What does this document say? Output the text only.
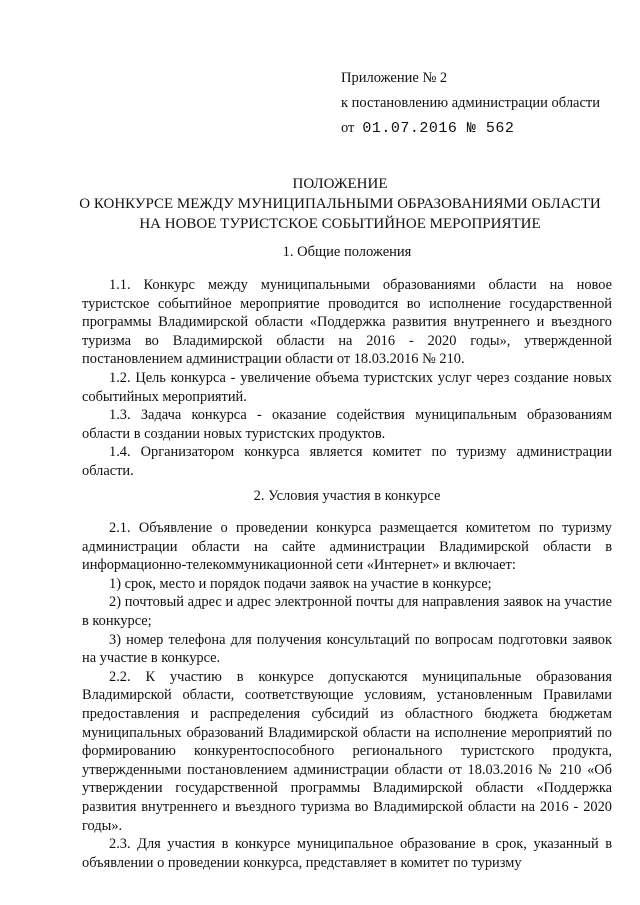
Приложение № 2
к постановлению администрации области
от 01.07.2016 № 562
ПОЛОЖЕНИЕ
О КОНКУРСЕ МЕЖДУ МУНИЦИПАЛЬНЫМИ ОБРАЗОВАНИЯМИ ОБЛАСТИ
НА НОВОЕ ТУРИСТСКОЕ СОБЫТИЙНОЕ МЕРОПРИЯТИЕ
1. Общие положения

1.1. Конкурс между муниципальными образованиями области на новое туристское событийное мероприятие проводится во исполнение государственной программы Владимирской области «Поддержка развития внутреннего и въездного туризма во Владимирской области на 2016 - 2020 годы», утвержденной постановлением администрации области от 18.03.2016 № 210.

1.2. Цель конкурса - увеличение объема туристских услуг через создание новых событийных мероприятий.

1.3. Задача конкурса - оказание содействия муниципальным образованиям области в создании новых туристских продуктов.

1.4. Организатором конкурса является комитет по туризму администрации области.

2. Условия участия в конкурсе

2.1. Объявление о проведении конкурса размещается комитетом по туризму администрации области на сайте администрации Владимирской области в информационно-телекоммуникационной сети «Интернет» и включает:

1) срок, место и порядок подачи заявок на участие в конкурсе;

2) почтовый адрес и адрес электронной почты для направления заявок на участие в конкурсе;

3) номер телефона для получения консультаций по вопросам подготовки заявок на участие в конкурсе.

2.2. К участию в конкурсе допускаются муниципальные образования Владимирской области, соответствующие условиям, установленным Правилами предоставления и распределения субсидий из областного бюджета бюджетам муниципальных образований Владимирской области на исполнение мероприятий по формированию конкурентоспособного регионального туристского продукта, утвержденными постановлением администрации области от 18.03.2016 № 210 «Об утверждении государственной программы Владимирской области «Поддержка развития внутреннего и въездного туризма во Владимирской области на 2016 - 2020 годы».

2.3. Для участия в конкурсе муниципальное образование в срок, указанный в объявлении о проведении конкурса, представляет в комитет по туризму
